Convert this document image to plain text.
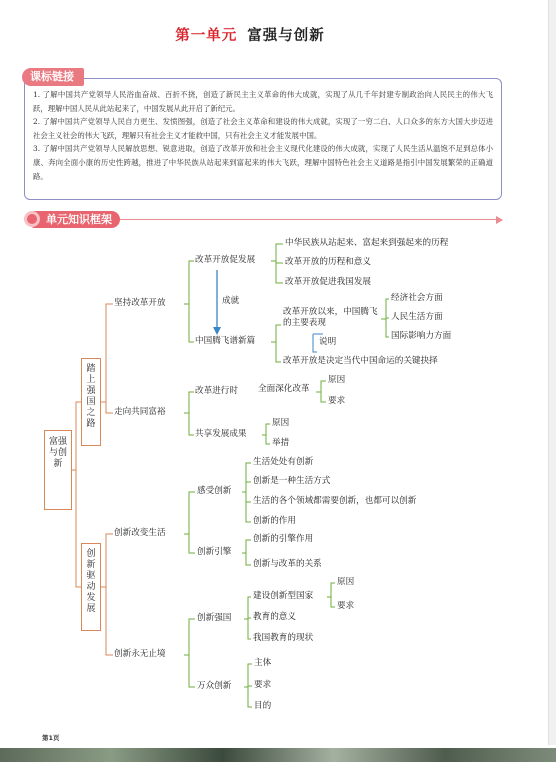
第一单元 富强与创新
课标链接

1. 了解中国共产党领导人民浴血奋战、百折不挠，创造了新民主主义革命的伟大成就，实现了从几千年封建专制政治向人民民主的伟大飞跃，理解中国人民从此站起来了，中国发展从此开启了新纪元。

2. 了解中国共产党领导人民自力更生、发愤图强，创造了社会主义革命和建设的伟大成就，实现了一穷二白、人口众多的东方大国大步迈进社会主义社会的伟大飞跃，理解只有社会主义才能救中国，只有社会主义才能发展中国。

3. 了解中国共产党领导人民解放思想、锐意进取，创造了改革开放和社会主义现代化建设的伟大成就，实现了人民生活从温饱不足到总体小康、奔向全面小康的历史性跨越，推进了中华民族从站起来到富起来的伟大飞跃，理解中国特色社会主义道路是指引中国发展繁荣的正确道路。

单元知识框架
富强与创新
踏上强国之路
创新驱动发展
坚持改革开放
改革开放促发展
中华民族从站起来、富起来到强起来的历程
改革开放的历程和意义
改革开放促进我国发展
成就
中国腾飞谱新篇
改革开放以来，中国腾飞的主要表现
经济社会方面
人民生活方面
国际影响力方面
说明
改革开放是决定当代中国命运的关键抉择
走向共同富裕
改革进行时 全面深化改革
原因
要求
共享发展成果
原因
举措
创新改变生活
感受创新
生活处处有创新
创新是一种生活方式
生活的各个领域都需要创新，也都可以创新
创新的作用
创新引擎
创新的引擎作用
创新与改革的关系
创新永无止境
创新强国
建设创新型国家
原因
要求
教育的意义
我国教育的现状
万众创新
主体
要求
目的
第1页
